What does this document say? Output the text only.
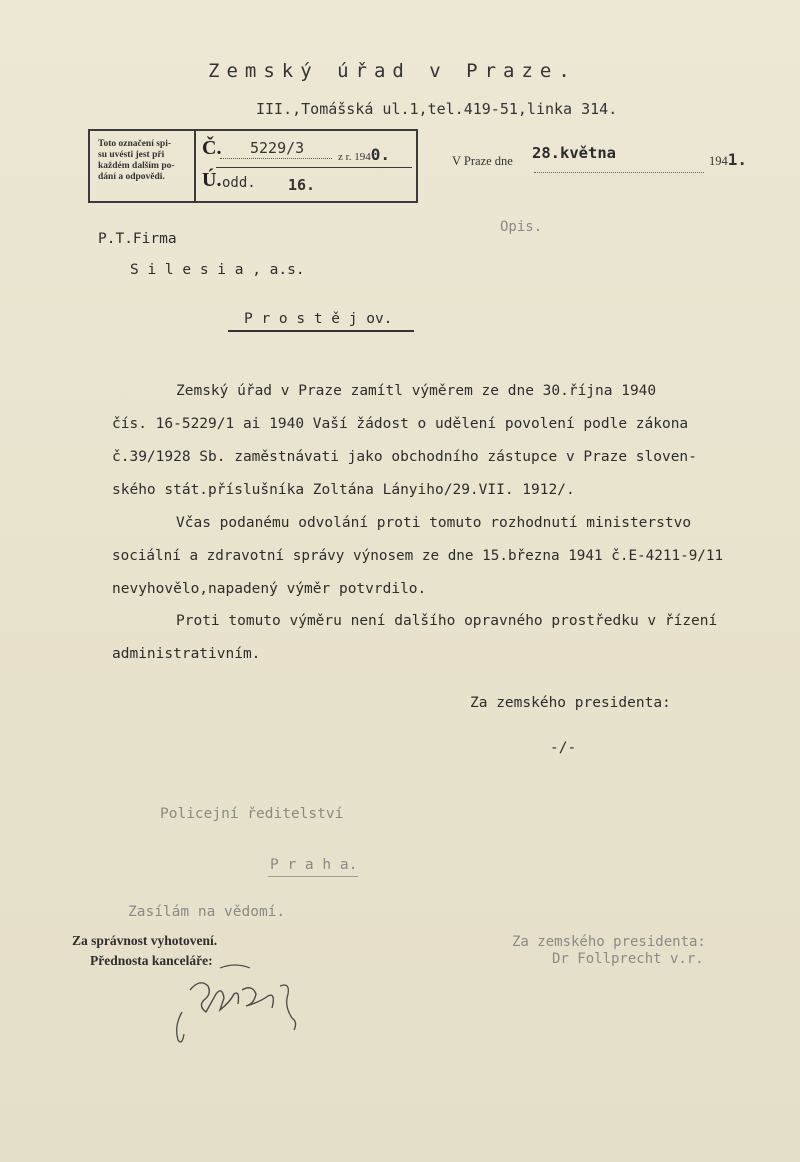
Zemský úřad v Praze.
III.,Tomášská ul.1,tel.419-51,linka 314.
Toto označení spi-
su uvésti jest při
každém dalším po-
dání a odpovědi.
Č.
Ú.
5229/3	z r. 1940.
odd. 16.
V Praze dne 28.května	1941.
Opis.
P.T.Firma
S i l e s i a , a.s.
P r o s t ě j ov.
Zemský úřad v Praze zamítl výměrem ze dne 30.října 1940
čís. 16-5229/1 ai 1940 Vaší žádost o udělení povolení podle zákona
č.39/1928 Sb. zaměstnávati jako obchodního zástupce v Praze sloven-
ského stát.příslušníka Zoltána Lányiho/29.VII. 1912/.
Včas podanému odvolání proti tomuto rozhodnutí ministerstvo
sociální a zdravotní správy výnosem ze dne 15.března 1941 č.E-4211-9/11
nevyhovělo,napadený výměr potvrdilo.
Proti tomuto výměru není dalšího opravného prostředku v řízení
administrativním.
Za zemského presidenta:
-/-
Policejní ředitelství
P r a h a.
Zasílám na vědomí.
Za správnost vyhotovení.
Přednosta kanceláře:
Za zemského presidenta:
Dr Follprecht v.r.
